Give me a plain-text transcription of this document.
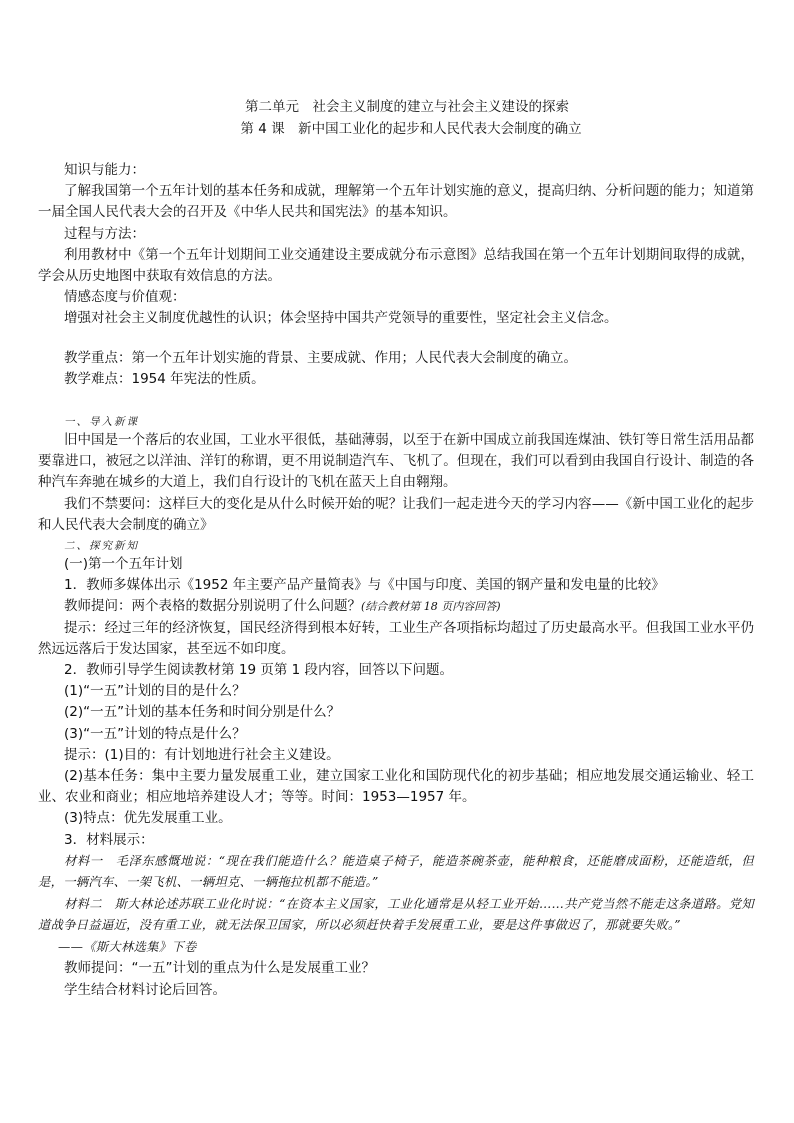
第二单元　社会主义制度的建立与社会主义建设的探索
第 4 课　新中国工业化的起步和人民代表大会制度的确立

知识与能力：

了解我国第一个五年计划的基本任务和成就，理解第一个五年计划实施的意义，提高归纳、分析问题的能力；知道第一届全国人民代表大会的召开及《中华人民共和国宪法》的基本知识。

过程与方法：

利用教材中《第一个五年计划期间工业交通建设主要成就分布示意图》总结我国在第一个五年计划期间取得的成就，学会从历史地图中获取有效信息的方法。

情感态度与价值观：

增强对社会主义制度优越性的认识；体会坚持中国共产党领导的重要性，坚定社会主义信念。

教学重点：第一个五年计划实施的背景、主要成就、作用；人民代表大会制度的确立。

教学难点：1954 年宪法的性质。

一、导入新课

旧中国是一个落后的农业国，工业水平很低，基础薄弱，以至于在新中国成立前我国连煤油、铁钉等日常生活用品都要靠进口，被冠之以洋油、洋钉的称谓，更不用说制造汽车、飞机了。但现在，我们可以看到由我国自行设计、制造的各种汽车奔驰在城乡的大道上，我们自行设计的飞机在蓝天上自由翱翔。

我们不禁要问：这样巨大的变化是从什么时候开始的呢？让我们一起走进今天的学习内容——《新中国工业化的起步和人民代表大会制度的确立》

二、探究新知

(一)第一个五年计划

1．教师多媒体出示《1952 年主要产品产量简表》与《中国与印度、美国的钢产量和发电量的比较》

教师提问：两个表格的数据分别说明了什么问题？(结合教材第 18 页内容回答)

提示：经过三年的经济恢复，国民经济得到根本好转，工业生产各项指标均超过了历史最高水平。但我国工业水平仍然远远落后于发达国家，甚至远不如印度。

2．教师引导学生阅读教材第 19 页第 1 段内容，回答以下问题。

(1)“一五”计划的目的是什么？

(2)“一五”计划的基本任务和时间分别是什么？

(3)“一五”计划的特点是什么？

提示：(1)目的：有计划地进行社会主义建设。

(2)基本任务：集中主要力量发展重工业，建立国家工业化和国防现代化的初步基础；相应地发展交通运输业、轻工业、农业和商业；相应地培养建设人才；等等。时间：1953—1957 年。

(3)特点：优先发展重工业。

3．材料展示：

材料一　毛泽东感慨地说：“现在我们能造什么？能造桌子椅子，能造茶碗茶壶，能种粮食，还能磨成面粉，还能造纸，但是，一辆汽车、一架飞机、一辆坦克、一辆拖拉机都不能造。”

材料二　斯大林论述苏联工业化时说：“在资本主义国家，工业化通常是从轻工业开始……共产党当然不能走这条道路。党知道战争日益逼近，没有重工业，就无法保卫国家，所以必须赶快着手发展重工业，要是这件事做迟了，那就要失败。”

——《斯大林选集》下卷

教师提问：“一五”计划的重点为什么是发展重工业？

学生结合材料讨论后回答。
